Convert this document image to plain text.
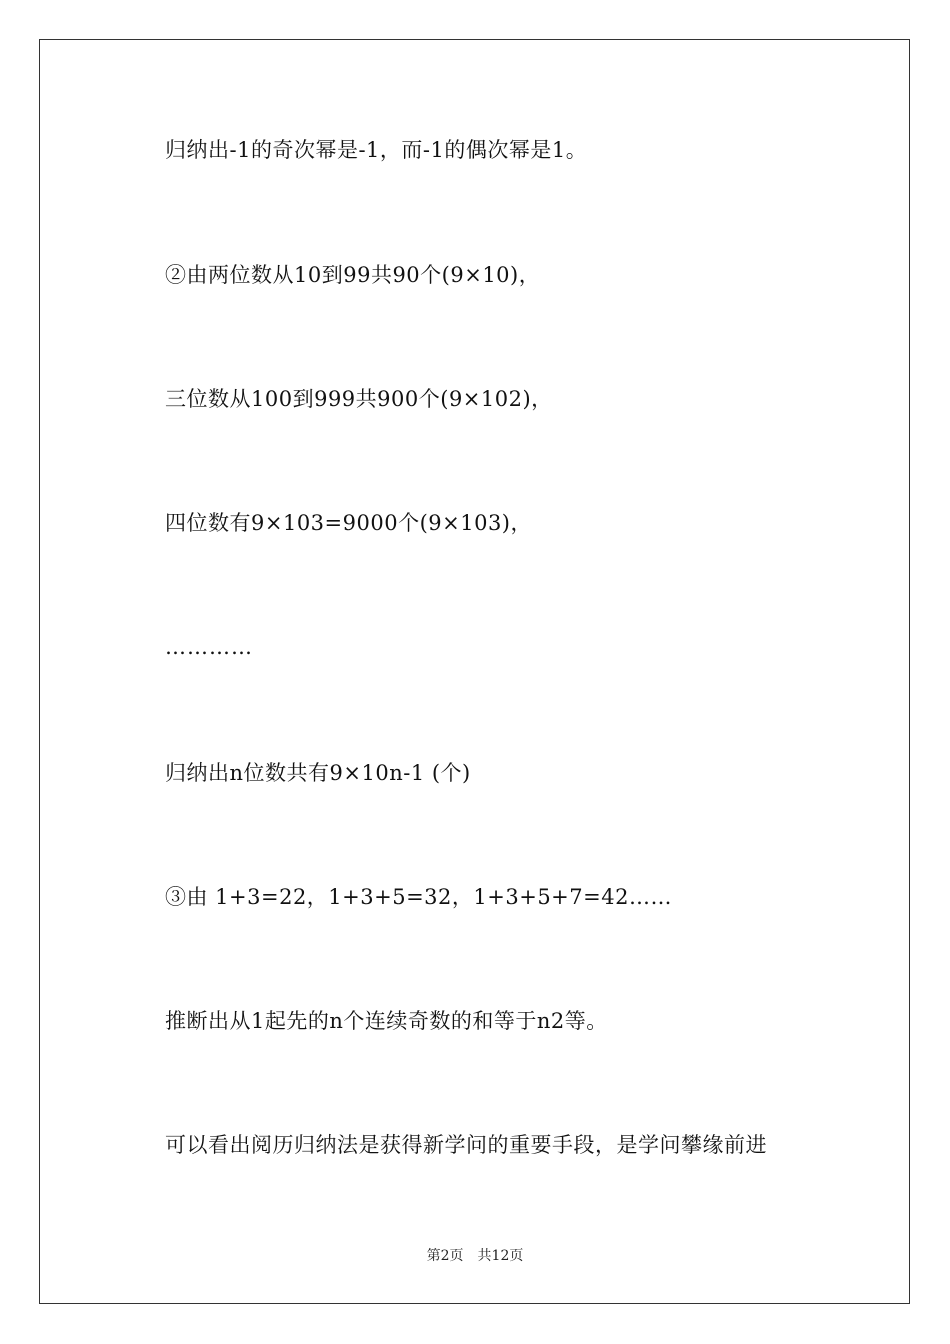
归纳出-1的奇次幂是-1，而-1的偶次幂是1。
②由两位数从10到99共90个(9×10)，
三位数从100到999共900个(9×102)，
四位数有9×103=9000个(9×103)，
…………
归纳出n位数共有9×10n-1 (个)
③由 1+3=22，1+3+5=32，1+3+5+7=42……
推断出从1起先的n个连续奇数的和等于n2等。
可以看出阅历归纳法是获得新学问的重要手段，是学问攀缘前进
第2页 共12页
